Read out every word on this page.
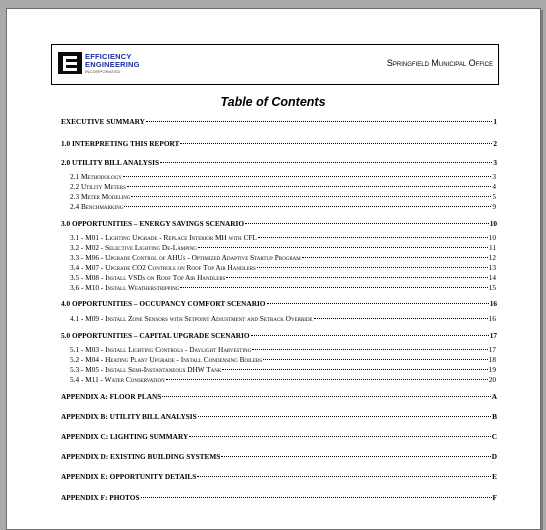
EFFICIENCY
ENGINEERING
INCORPORATED
Springfield Municipal Office
Table of Contents
EXECUTIVE SUMMARY	1
1.0 INTERPRETING THIS REPORT	2
2.0 UTILITY BILL ANALYSIS	3
2.1 Methodology	3
2.2 Utility Meters	4
2.3 Meter Modeling	5
2.4 Benchmarking	9
3.0 OPPORTUNITIES – ENERGY SAVINGS SCENARIO	10
3.1 - M01 - Lighting Upgrade - Replace Interior MH with CFL	10
3.2 - M02 - Selective Lighting De-Lamping	11
3.3 - M06 - Upgrade Control of AHUs - Optimized Adaptive Startup Program	12
3.4 - M07 - Upgrade CO2 Controls on Roof Top Air Handlers	13
3.5 - M08 - Install VSDs on Roof Top Air Handlers	14
3.6 - M10 - Install Weatherstripping	15
4.0 OPPORTUNITIES – OCCUPANCY COMFORT SCENARIO	16
4.1 - M09 - Install Zone Sensors with Setpoint Adjustment and Setback Override	16
5.0 OPPORTUNITIES – CAPITAL UPGRADE SCENARIO	17
5.1 - M03 - Install Lighting Controls - Daylight Harvesting	17
5.2 - M04 - Heating Plant Upgrade - Install Condensing Boilers	18
5.3 - M05 - Install Semi-Instantaneous DHW Tank	19
5.4 - M11 - Water Conservation	20
APPENDIX A: FLOOR PLANS	A
APPENDIX B: UTILITY BILL ANALYSIS	B
APPENDIX C: LIGHTING SUMMARY	C
APPENDIX D: EXISTING BUILDING SYSTEMS	D
APPENDIX E: OPPORTUNITY DETAILS	E
APPENDIX F: PHOTOS	F
